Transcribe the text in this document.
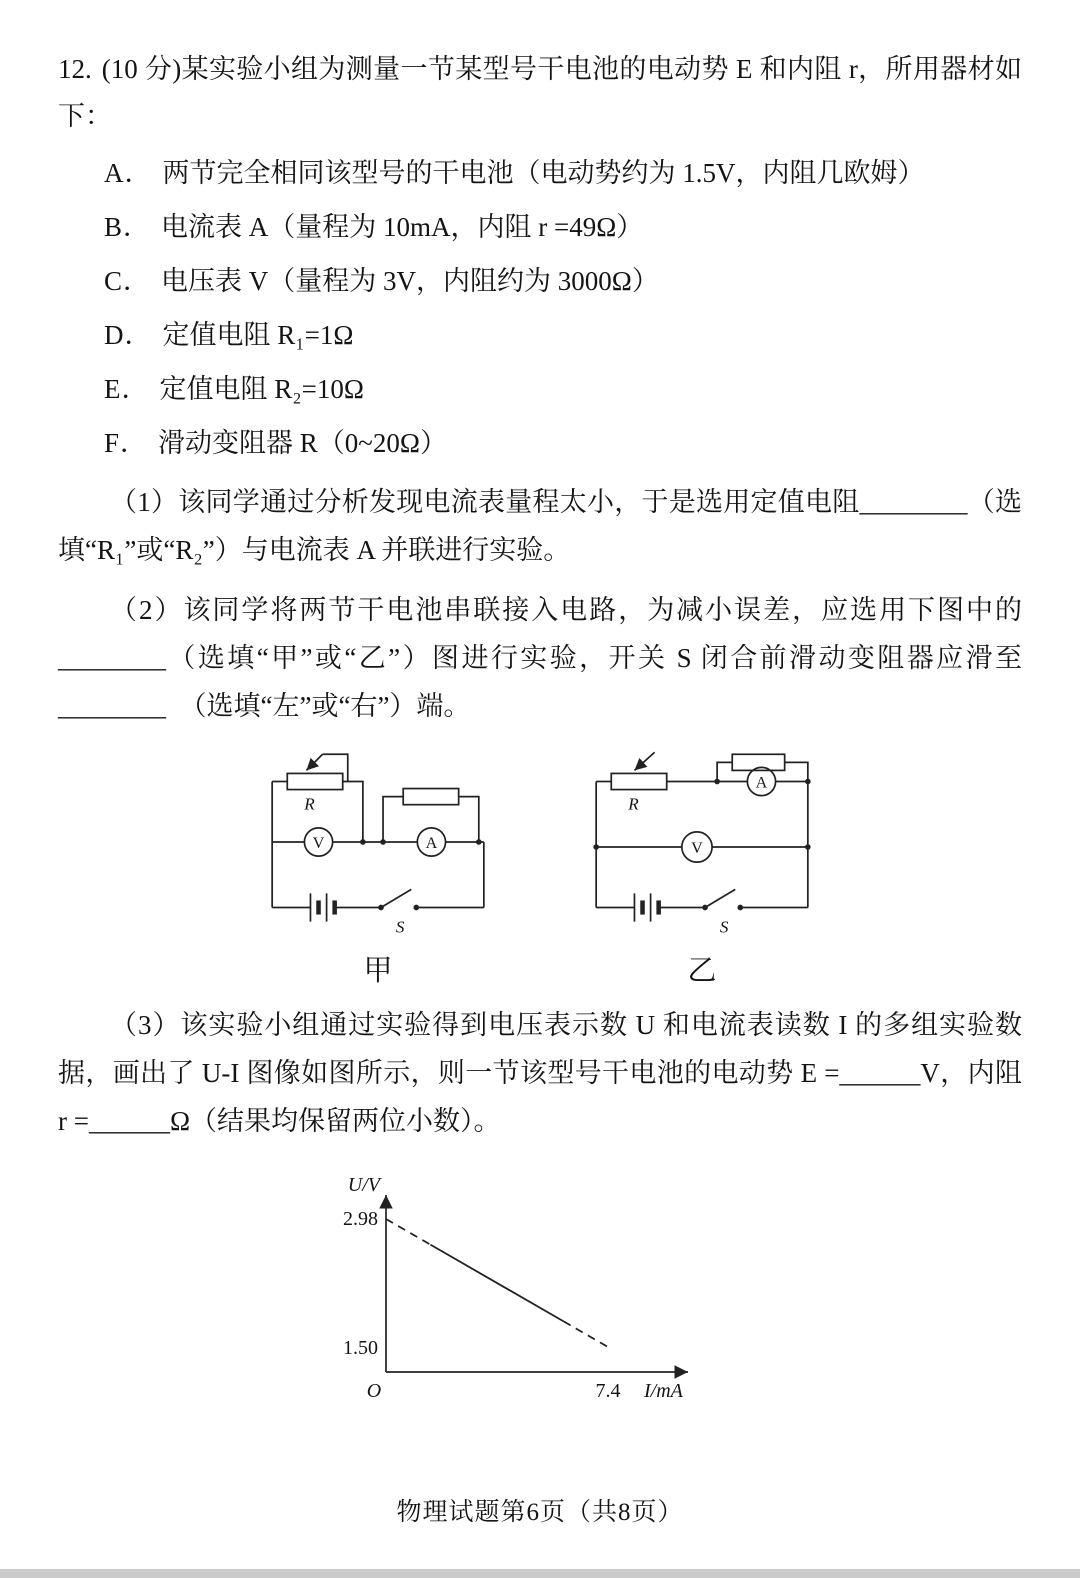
12. (10 分)某实验小组为测量一节某型号干电池的电动势 E 和内阻 r，所用器材如下：
A． 两节完全相同该型号的干电池（电动势约为 1.5V，内阻几欧姆）
B． 电流表 A（量程为 10mA，内阻 r =49Ω）
C． 电压表 V（量程为 3V，内阻约为 3000Ω）
D． 定值电阻 R₁=1Ω
E． 定值电阻 R₂=10Ω
F． 滑动变阻器 R（0~20Ω）

（1）该同学通过分析发现电流表量程太小，于是选用定值电阻________（选填“R₁”或“R₂”）与电流表 A 并联进行实验。

（2）该同学将两节干电池串联接入电路，为减小误差，应选用下图中的________（选填“甲”或“乙”）图进行实验，开关 S 闭合前滑动变阻器应滑至________　（选填“左”或“右”）端。

R
V	A
S
甲
R
A
V
S
乙

（3）该实验小组通过实验得到电压表示数 U 和电流表读数 I 的多组实验数据，画出了 U-I 图像如图所示，则一节该型号干电池的电动势 E =______V，内阻 r =______Ω（结果均保留两位小数）。

U/V
I/mA
O
2.98
1.50
7.4
物理试题第6页（共8页）
